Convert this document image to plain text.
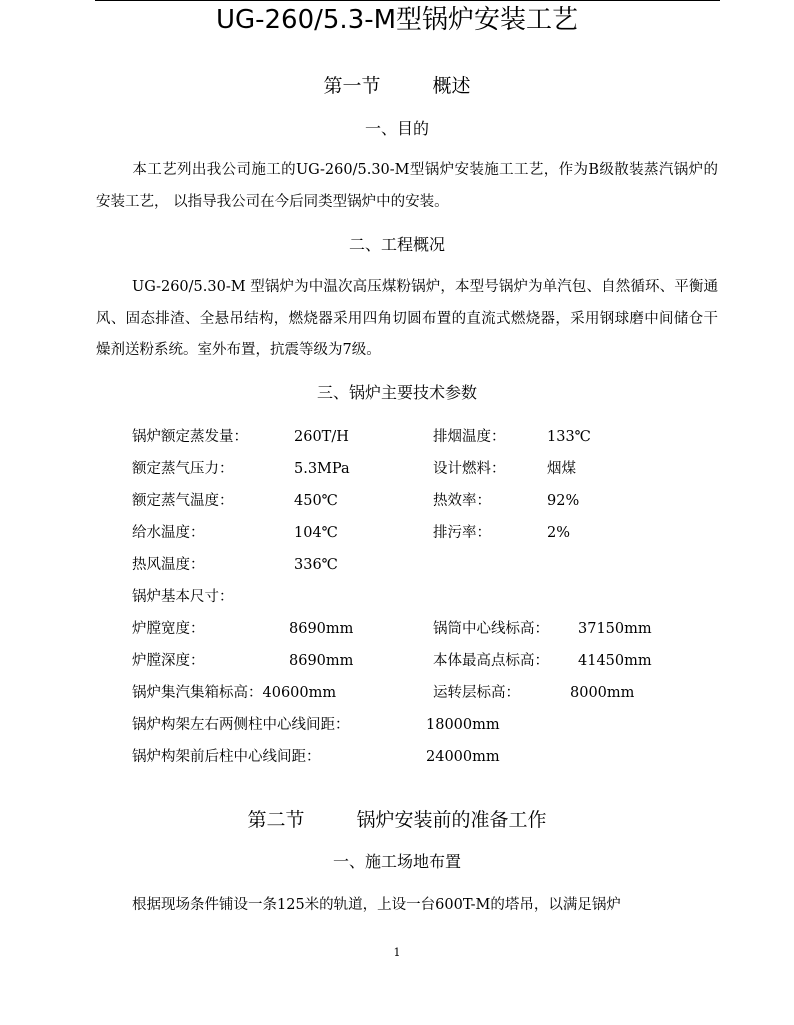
UG-260/5.3-M型锅炉安装工艺
第一节	概述
一、目的
本工艺列出我公司施工的UG-260/5.30-M型锅炉安装施工工艺，作为B级散装蒸汽锅炉的安装工艺， 以指导我公司在今后同类型锅炉中的安装。
二、工程概况
UG-260/5.30-M 型锅炉为中温次高压煤粉锅炉，本型号锅炉为单汽包、自然循环、平衡通风、固态排渣、全悬吊结构，燃烧器采用四角切圆布置的直流式燃烧器，采用钢球磨中间储仓干燥剂送粉系统。室外布置，抗震等级为7级。
三、锅炉主要技术参数
锅炉额定蒸发量：	260T/H	排烟温度：	133℃
额定蒸气压力：	5.3MPa	设计燃料：	烟煤
额定蒸气温度：	450℃	热效率：	92%
给水温度：	104℃	排污率：	2%
热风温度：	336℃
锅炉基本尺寸：
炉膛宽度：	8690mm	锅筒中心线标高： 37150mm
炉膛深度：	8690mm	本体最高点标高： 41450mm
锅炉集汽集箱标高：40600mm	运转层标高：	8000mm
锅炉构架左右两侧柱中心线间距：	18000mm
锅炉构架前后柱中心线间距：	24000mm
第二节	锅炉安装前的准备工作
一、施工场地布置
根据现场条件铺设一条125米的轨道，上设一台600T-M的塔吊，以满足锅炉
1
